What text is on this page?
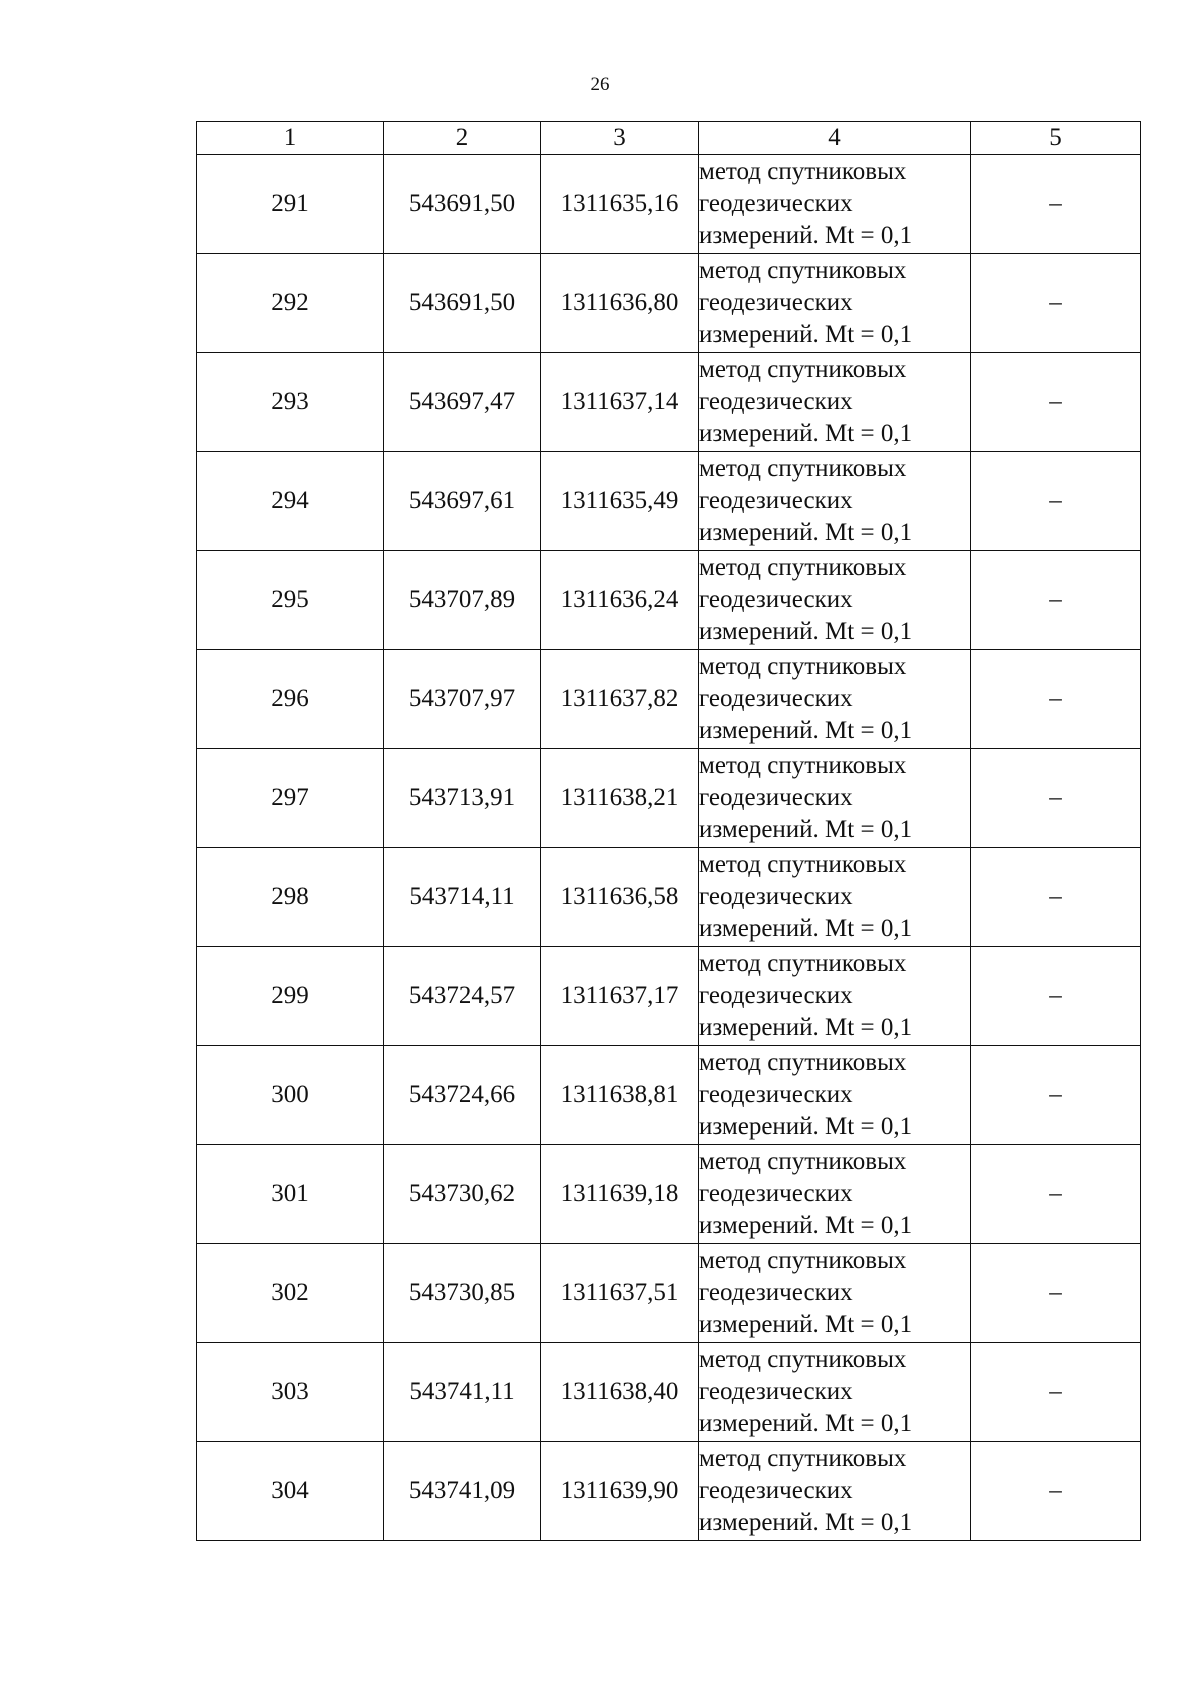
26
1	2	3	4	5
291	543691,50	1311635,16	метод спутниковых
геодезических
измерений. Mt = 0,1	–
292	543691,50	1311636,80	метод спутниковых
геодезических
измерений. Mt = 0,1	–
293	543697,47	1311637,14	метод спутниковых
геодезических
измерений. Mt = 0,1	–
294	543697,61	1311635,49	метод спутниковых
геодезических
измерений. Mt = 0,1	–
295	543707,89	1311636,24	метод спутниковых
геодезических
измерений. Mt = 0,1	–
296	543707,97	1311637,82	метод спутниковых
геодезических
измерений. Mt = 0,1	–
297	543713,91	1311638,21	метод спутниковых
геодезических
измерений. Mt = 0,1	–
298	543714,11	1311636,58	метод спутниковых
геодезических
измерений. Mt = 0,1	–
299	543724,57	1311637,17	метод спутниковых
геодезических
измерений. Mt = 0,1	–
300	543724,66	1311638,81	метод спутниковых
геодезических
измерений. Mt = 0,1	–
301	543730,62	1311639,18	метод спутниковых
геодезических
измерений. Mt = 0,1	–
302	543730,85	1311637,51	метод спутниковых
геодезических
измерений. Mt = 0,1	–
303	543741,11	1311638,40	метод спутниковых
геодезических
измерений. Mt = 0,1	–
304	543741,09	1311639,90	метод спутниковых
геодезических
измерений. Mt = 0,1	–
